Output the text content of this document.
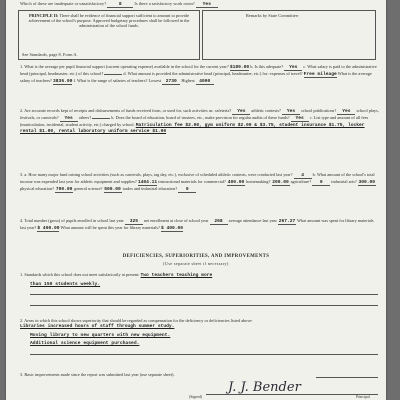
Which of these are inadequate or unsatisfactory?	8	Is there a satisfactory work room? Yes
PRINCIPLE II: There shall be evidence of financial support sufficient to amount to provide achievement of the school's purpose. Approved budgetary procedures shall be followed in the administration of the school funds.
See Standards, page 8, Form A.
Remarks by State Committee:
1. What is the average per pupil financial support (current operating expense) available in the school for the current year? $189.00 b. Is this adequate? Yes c. What salary is paid to the administrative head (principal, headmaster, etc.) of this school?	d. What amount is provided the administrative head (principal, headmaster, etc.) for: expenses of travel? Free mileage What is the average salary of teachers? 3836.00 f. What is the range of salaries of teachers? Lowest 2730 Highest 4000
2. Are accurate records kept of receipts and disbursements of funds received from, or used for, such activities as: cafeteria? Yes athletic contests? Yes school publications? Yes school plays, festivals, or carnivals? Yes others?	b. Does the board of education, board of trustees, etc., make provision for regular audits of these funds? Yes c. List type and amount of all fees (matriculation, incidental, student activity, etc.) charged by school. Matriculation fee $2.00, gym uniform $2.00 & $3.75, student insurance $1.75, locker rental $1.00, rental laboratory uniform service $1.00
3. a. How many major fund raising school activities (such as carnivals, plays, tag day, etc.), exclusive of scheduled athletic contests, were conducted last year? 4 b. What amount of the school's total income was expended last year for athletic equipment and supplies? 1404.11 instructional materials for commercial? 400.00 homemaking? 200.00 agriculture? 0 industrial arts? 300.00 physical education? 700.00 general science? 500.00 trades and industrial education? 0
4. Total number (gross) of pupils enrolled in school last year 325 net enrollment at close of school year 268 average attendance last year 267.27 What amount was spent for library materials last year? $ 400.00 What amount will be spent this year for library materials? $ 400.00
DEFICIENCIES, SUPERIORITIES, AND IMPROVEMENTS
(Use separate sheet if necessary)
1. Standards which this school does not meet satisfactorily at present: Two teachers teaching more
than 150 students weekly.
2. Areas in which this school shows superiority that should be regarded as compensation for the deficiency or deficiencies listed above: Libraries increased hours of staff through summer study.
Moving library to new quarters with new equipment.
Additional science equipment purchased.
3. Basic improvements made since the report was submitted last year (use separate sheet).
(Signed)
J. J. Bender
Principal
